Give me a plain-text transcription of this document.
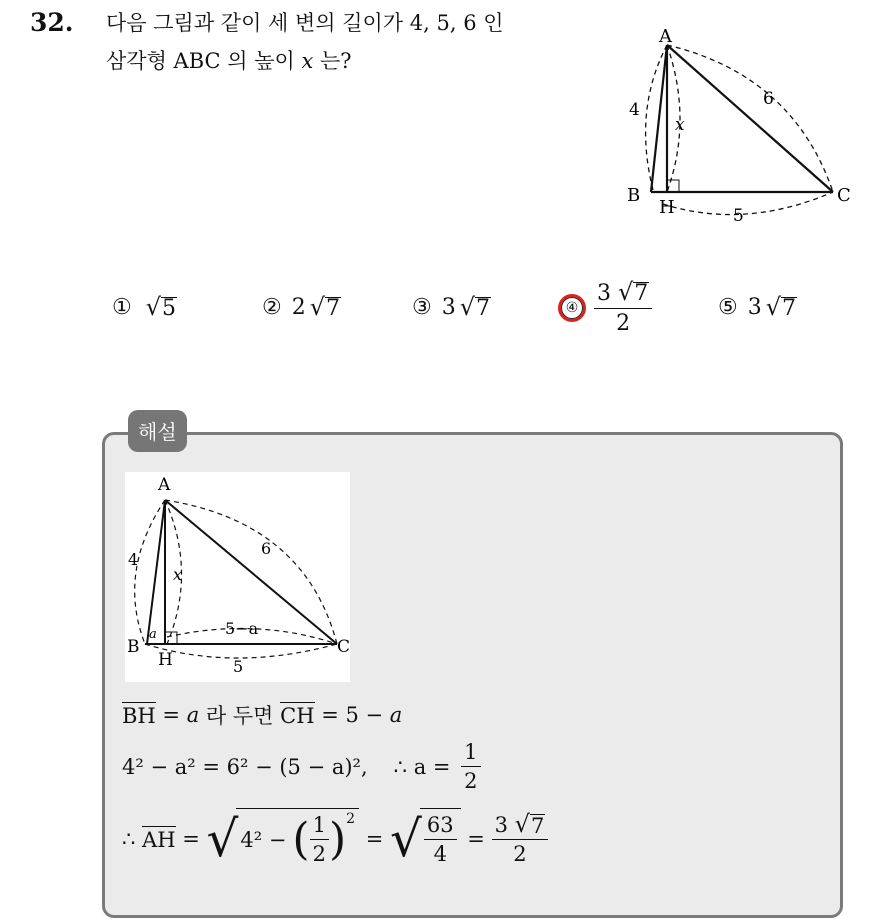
32. 다음 그림과 같이 세 변의 길이가 4, 5, 6 인
삼각형 ABC 의 높이 x 는?
A
B	C
H
4
6
5
x
① √ 5	② 2 √ 7	③ 3 √ 7	④ $\frac{3 √ 7}{2}$	⑤ 3 √ 7
해설
A
B	C
H
4
6
x
5−a
5
a
BH = a 라 두면 CH = 5 − a
4² − a² = 6² − (5 − a)², ∴ $a = \frac{1}{2}$
∴ AH = √ 4² − ( $\frac{1}{2}$ ) 2
= √ $\frac{63}{4} = \frac{3 √ 7}{2}$
